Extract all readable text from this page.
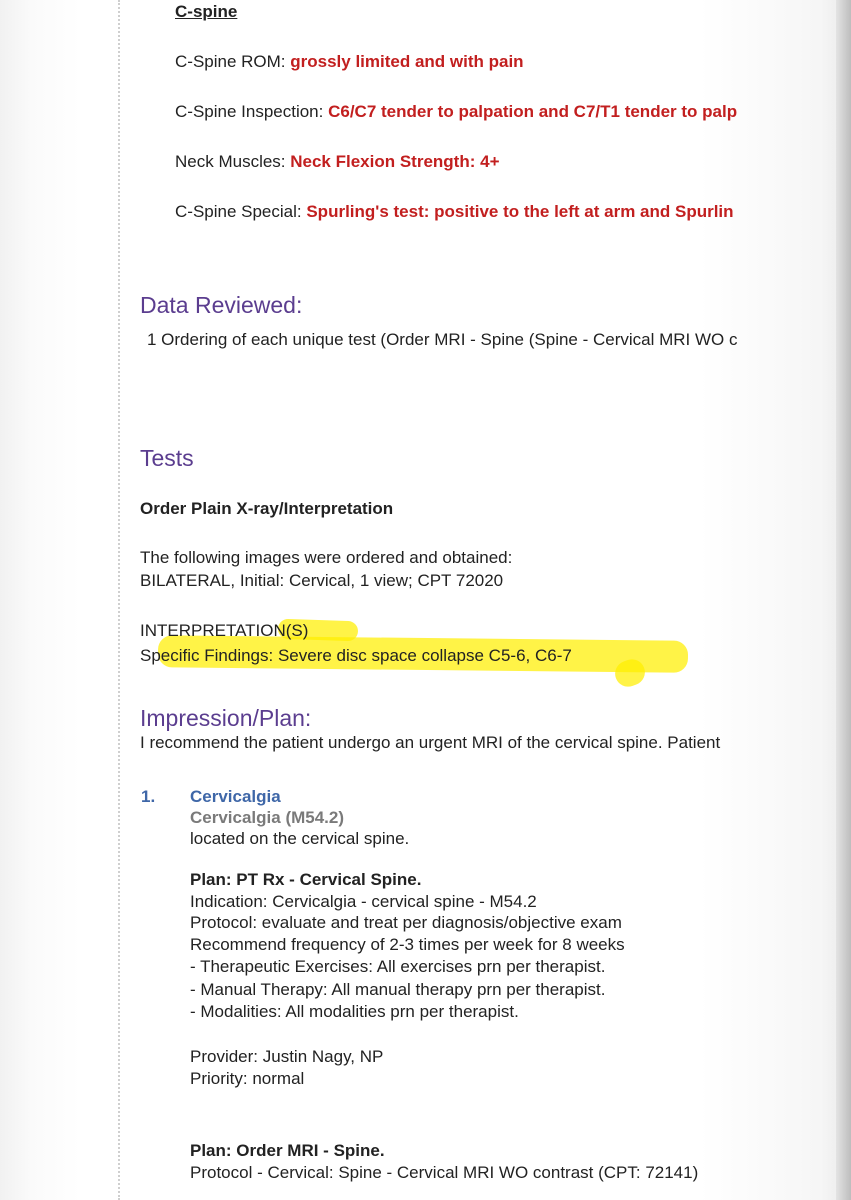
C-spine
C-Spine ROM: grossly limited and with pain
C-Spine Inspection: C6/C7 tender to palpation and C7/T1 tender to palp
Neck Muscles: Neck Flexion Strength: 4+
C-Spine Special: Spurling's test: positive to the left at arm and Spurlin
Data Reviewed:
1 Ordering of each unique test (Order MRI - Spine (Spine - Cervical MRI WO c
Tests
Order Plain X-ray/Interpretation
The following images were ordered and obtained:
BILATERAL, Initial: Cervical, 1 view; CPT 72020
INTERPRETATION(S)
Specific Findings: Severe disc space collapse C5-6, C6-7
Impression/Plan:
I recommend the patient undergo an urgent MRI of the cervical spine. Patient
1. Cervicalgia
Cervicalgia (M54.2)
located on the cervical spine.
Plan: PT Rx - Cervical Spine.
Indication: Cervicalgia - cervical spine - M54.2
Protocol: evaluate and treat per diagnosis/objective exam
Recommend frequency of 2-3 times per week for 8 weeks
- Therapeutic Exercises: All exercises prn per therapist.
- Manual Therapy: All manual therapy prn per therapist.
- Modalities: All modalities prn per therapist.
Provider: Justin Nagy, NP
Priority: normal
Plan: Order MRI - Spine.
Protocol - Cervical: Spine - Cervical MRI WO contrast (CPT: 72141)
